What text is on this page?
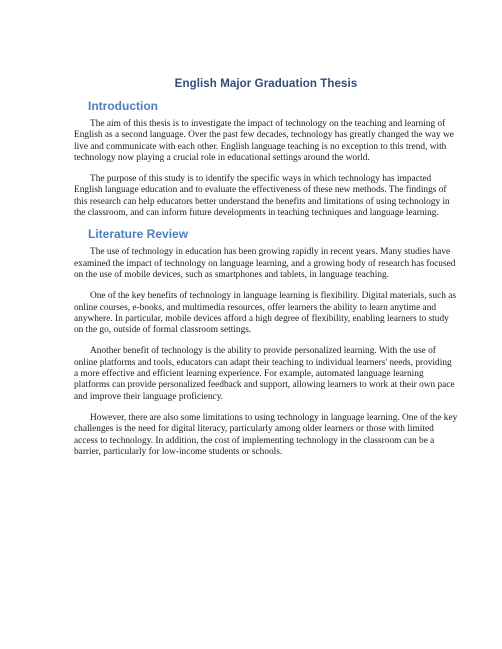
English Major Graduation Thesis
Introduction

The aim of this thesis is to investigate the impact of technology on the teaching and learning of English as a second language. Over the past few decades, technology has greatly changed the way we live and communicate with each other. English language teaching is no exception to this trend, with technology now playing a crucial role in educational settings around the world.

The purpose of this study is to identify the specific ways in which technology has impacted English language education and to evaluate the effectiveness of these new methods. The findings of this research can help educators better understand the benefits and limitations of using technology in the classroom, and can inform future developments in teaching techniques and language learning.

Literature Review

The use of technology in education has been growing rapidly in recent years. Many studies have examined the impact of technology on language learning, and a growing body of research has focused on the use of mobile devices, such as smartphones and tablets, in language teaching.

One of the key benefits of technology in language learning is flexibility. Digital materials, such as online courses, e-books, and multimedia resources, offer learners the ability to learn anytime and anywhere. In particular, mobile devices afford a high degree of flexibility, enabling learners to study on the go, outside of formal classroom settings.

Another benefit of technology is the ability to provide personalized learning. With the use of online platforms and tools, educators can adapt their teaching to individual learners' needs, providing a more effective and efficient learning experience. For example, automated language learning platforms can provide personalized feedback and support, allowing learners to work at their own pace and improve their language proficiency.

However, there are also some limitations to using technology in language learning. One of the key challenges is the need for digital literacy, particularly among older learners or those with limited access to technology. In addition, the cost of implementing technology in the classroom can be a barrier, particularly for low-income students or schools.
